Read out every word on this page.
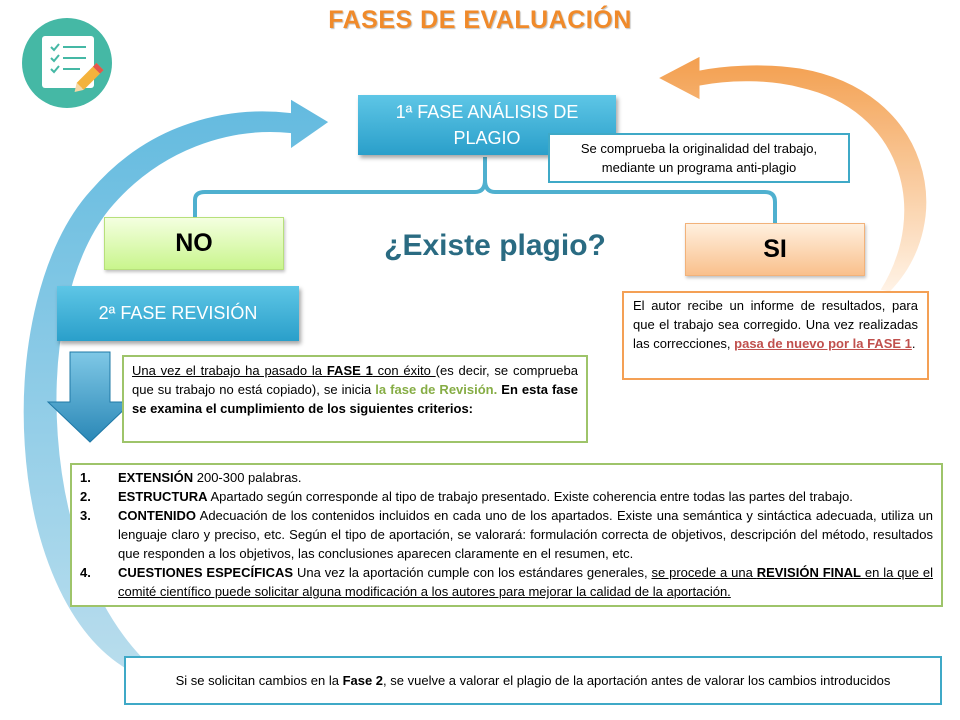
FASES DE EVALUACIÓN
1ª FASE ANÁLISIS DE
PLAGIO
Se comprueba la originalidad del trabajo,
mediante un programa anti-plagio
¿Existe plagio?
NO	SI
2ª FASE REVISIÓN	El autor recibe un informe de resultados, para que el trabajo sea corregido. Una vez realizadas las correcciones, pasa de nuevo por la FASE 1.
Una vez el trabajo ha pasado la FASE 1 con éxito (es decir, se comprueba que su trabajo no está copiado), se inicia la fase de Revisión. En esta fase se examina el cumplimiento de los siguientes criterios:
1.	EXTENSIÓN 200-300 palabras.
2.	ESTRUCTURA Apartado según corresponde al tipo de trabajo presentado. Existe coherencia entre todas las partes del trabajo.
3.	CONTENIDO Adecuación de los contenidos incluidos en cada uno de los apartados. Existe una semántica y sintáctica adecuada, utiliza un lenguaje claro y preciso, etc. Según el tipo de aportación, se valorará: formulación correcta de objetivos, descripción del método, resultados que responden a los objetivos, las conclusiones aparecen claramente en el resumen, etc.
4.	CUESTIONES ESPECÍFICAS Una vez la aportación cumple con los estándares generales, se procede a una REVISIÓN FINAL en la que el comité científico puede solicitar alguna modificación a los autores para mejorar la calidad de la aportación.
Si se solicitan cambios en la Fase 2, se vuelve a valorar el plagio de la aportación antes de valorar los cambios introducidos
